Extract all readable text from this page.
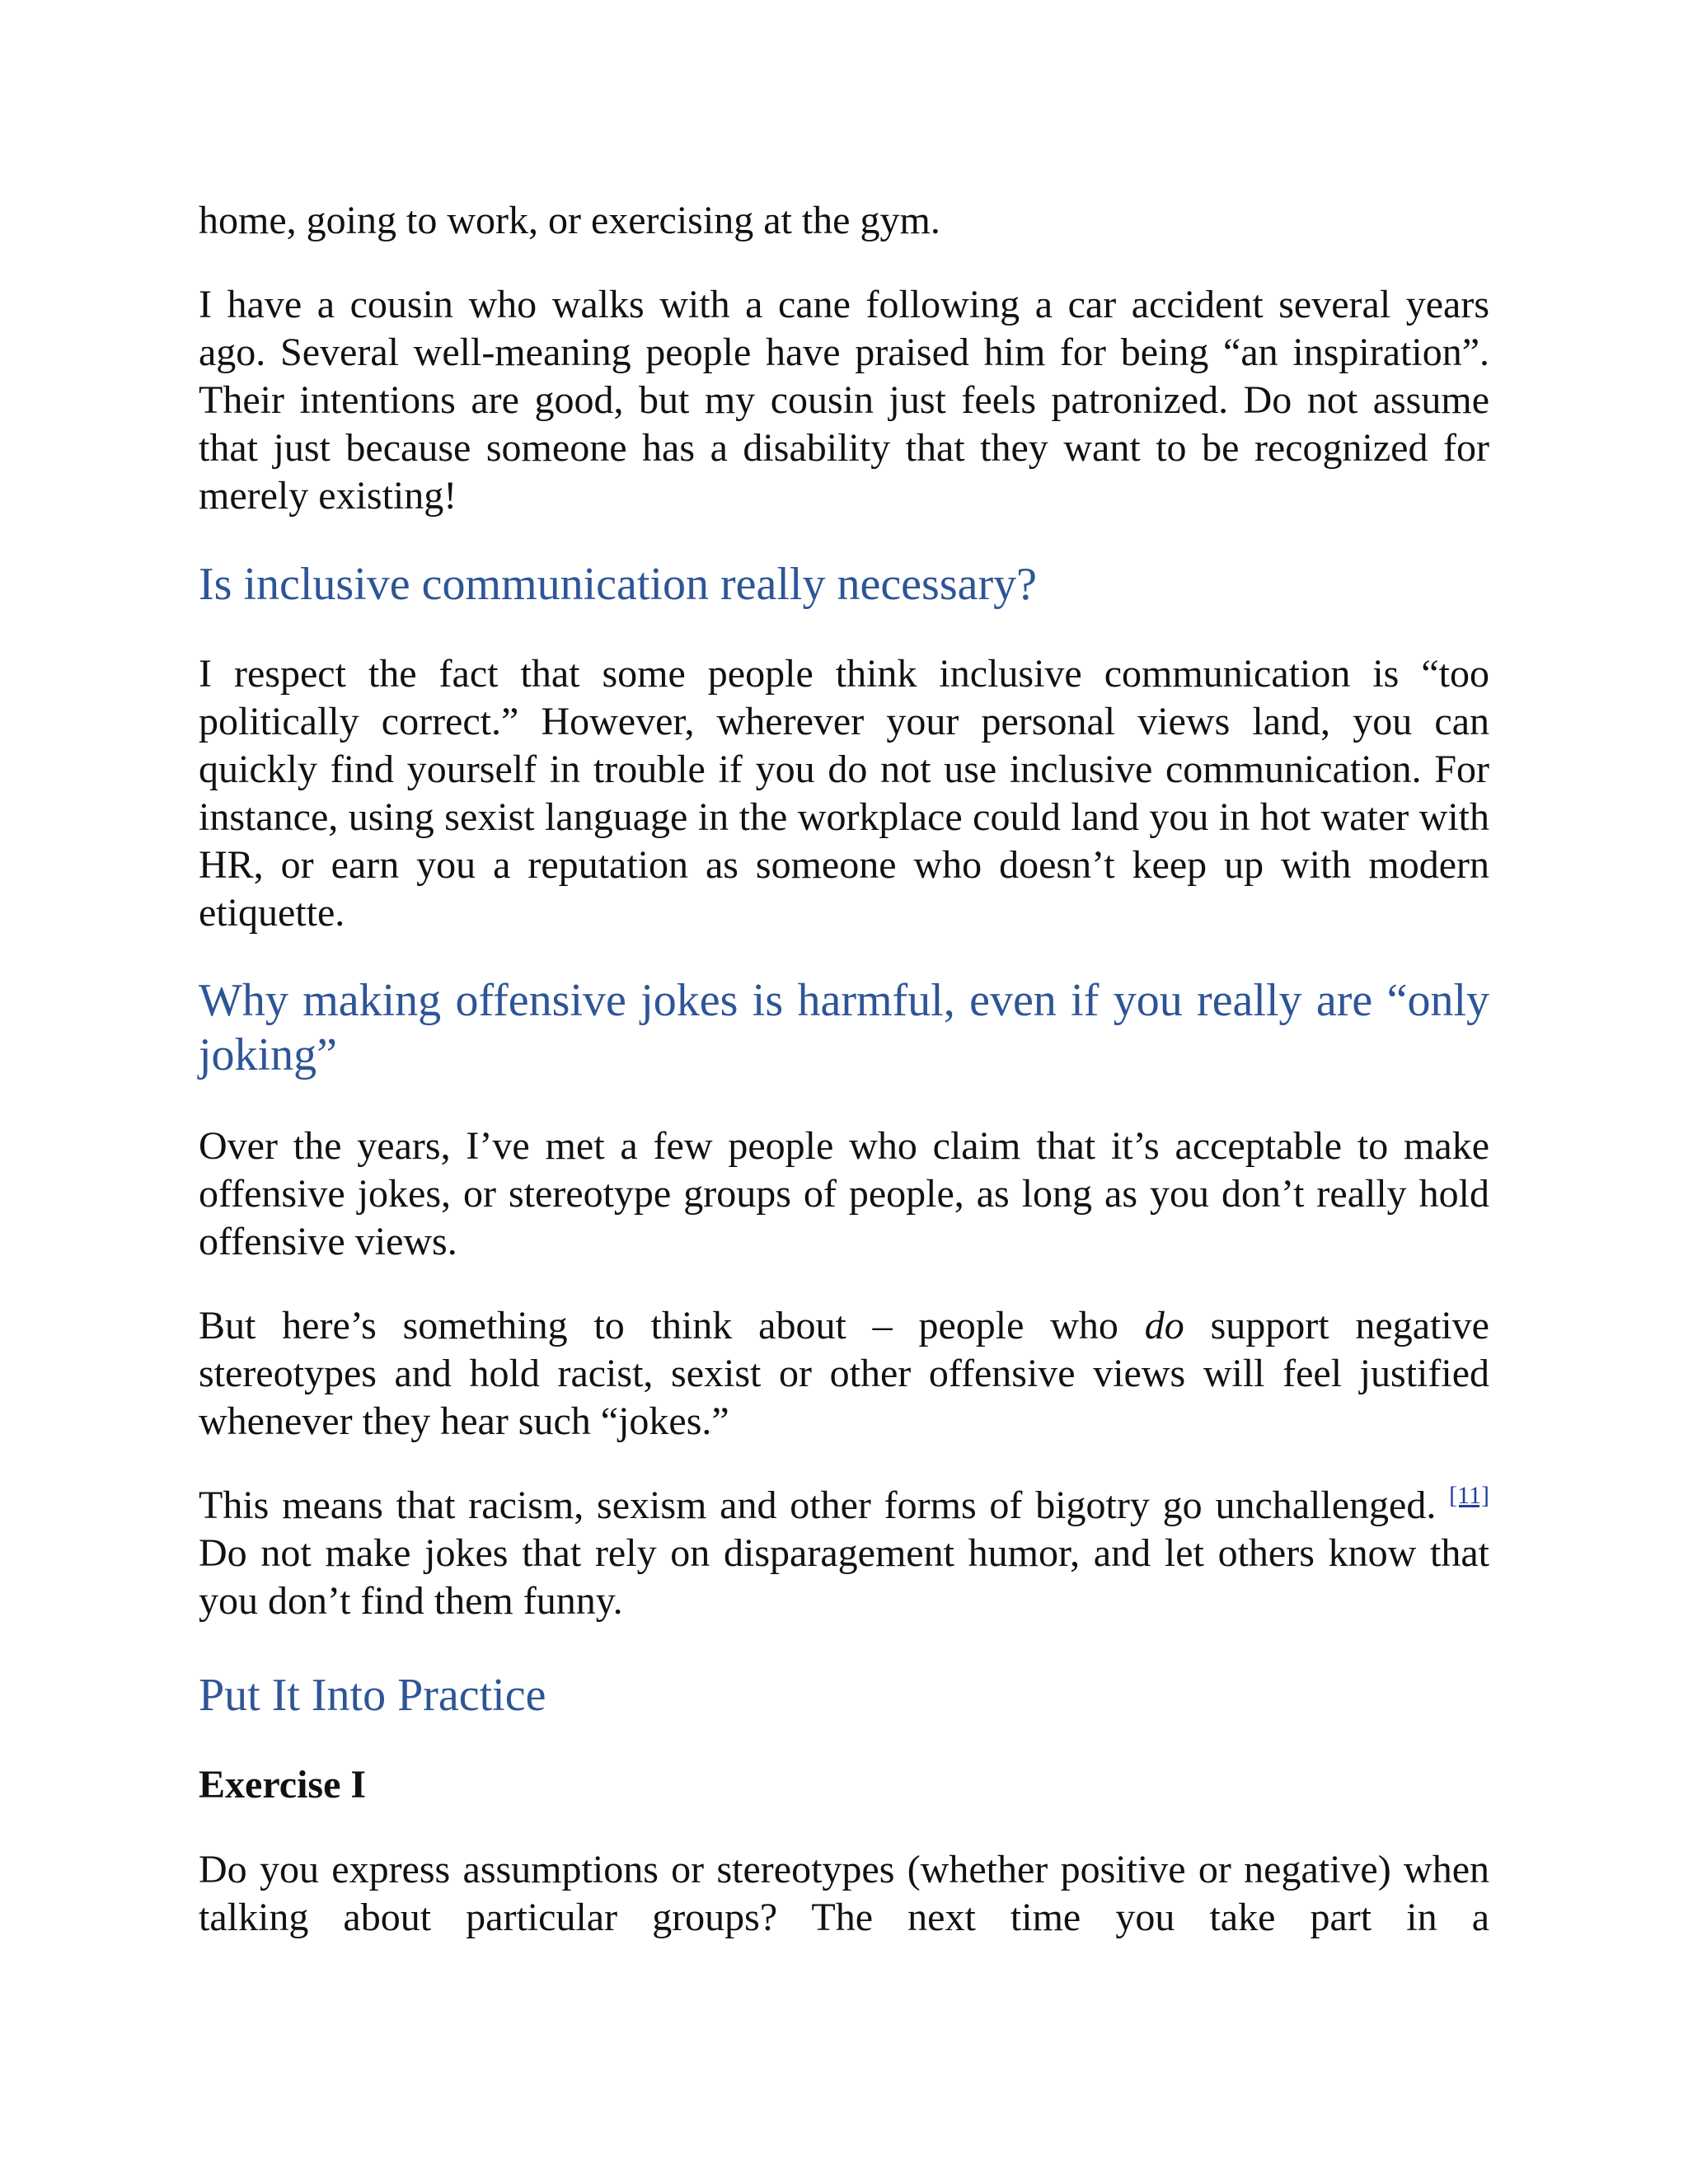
home, going to work, or exercising at the gym.

I have a cousin who walks with a cane following a car accident several years ago. Several well-meaning people have praised him for being “an inspiration”. Their intentions are good, but my cousin just feels patronized. Do not assume that just because someone has a disability that they want to be recognized for merely existing!

Is inclusive communication really necessary?

I respect the fact that some people think inclusive communication is “too politically correct.” However, wherever your personal views land, you can quickly find yourself in trouble if you do not use inclusive communication. For instance, using sexist language in the workplace could land you in hot water with HR, or earn you a reputation as someone who doesn’t keep up with modern etiquette.

Why making offensive jokes is harmful, even if you really are “only joking”

Over the years, I’ve met a few people who claim that it’s acceptable to make offensive jokes, or stereotype groups of people, as long as you don’t really hold offensive views.

But here’s something to think about – people who do support negative stereotypes and hold racist, sexist or other offensive views will feel justified whenever they hear such “jokes.”

This means that racism, sexism and other forms of bigotry go unchallenged. [11] Do not make jokes that rely on disparagement humor, and let others know that you don’t find them funny.

Put It Into Practice
Exercise I

Do you express assumptions or stereotypes (whether positive or negative) when talking about particular groups? The next time you take part in a
